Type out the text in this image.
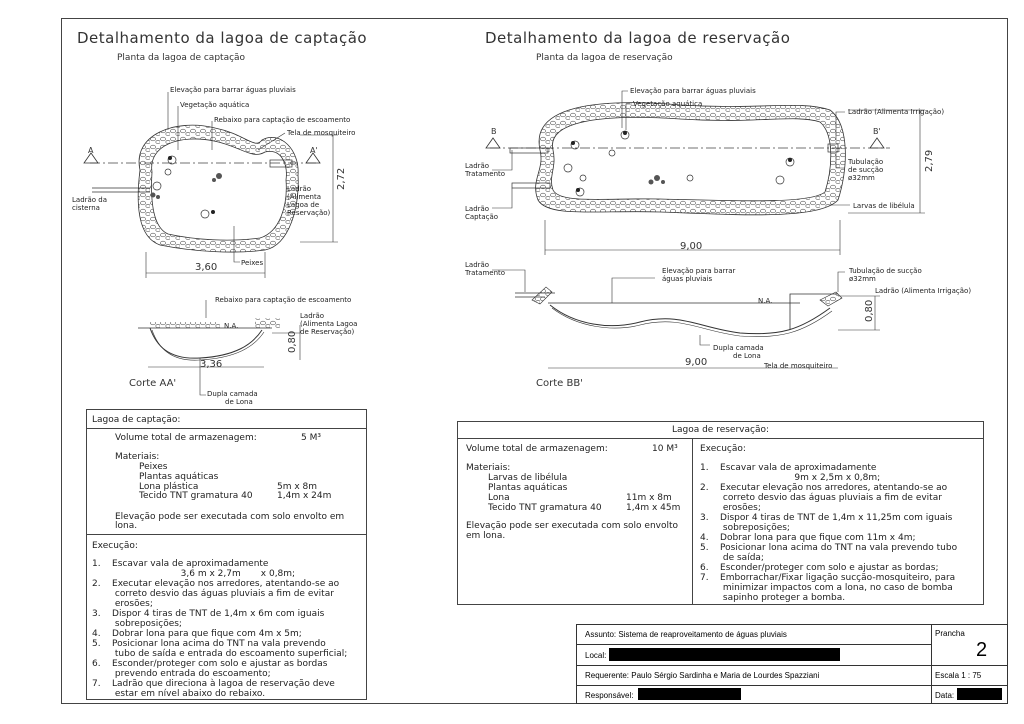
Detalhamento da lagoa de captação
Planta da lagoa de captação
Elevação para barrar águas pluviais
Vegetação aquática
Rebaixo para captação de escoamento
Tela de mosquiteiro
A	A'
Ladrão da
cisterna
Ladrão
(Alimenta
Lagoa de
Reservação)
Peixes
3,60
2,72
Rebaixo para captação de escoamento
Ladrão
(Alimenta Lagoa
de Reservação)
N.A.
3,36
0,80
Dupla camada
de Lona
Corte AA'
Lagoa de captação:
Volume total de armazenagem:	5 M³
Materiais:
Peixes
Plantas aquáticas
Lona plástica	5m x 8m
Tecido TNT gramatura 40	1,4m x 24m
Elevação pode ser executada com solo envolto em
lona.
Execução:
1.    Escavar vala de aproximadamente
3,6 m x 2,7m       x 0,8m;
2.    Executar elevação nos arredores, atentando-se ao
correto desvio das águas pluviais a fim de evitar
erosões;
3.    Dispor 4 tiras de TNT de 1,4m x 6m com iguais
sobreposições;
4.    Dobrar lona para que fique com 4m x 5m;
5.    Posicionar lona acima do TNT na vala prevendo
tubo de saída e entrada do escoamento superficial;
6.    Esconder/proteger com solo e ajustar as bordas
prevendo entrada do escoamento;
7.    Ladrão que direciona à lagoa de reservação deve
estar em nível abaixo do rebaixo.
Detalhamento da lagoa de reservação
Planta da lagoa de reservação
Elevação para barrar águas pluviais
Vegetação aquática
Ladrão (Alimenta Irrigação)
B	B'
Ladrão
Tratamento
Ladrão
Captação
Tubulação
de sucção
ø32mm
Larvas de libélula
9,00
2,79
Ladrão
Tratamento	Elevação para barrar
águas pluviais
Tubulação de sucção
ø32mm
Ladrão (Alimenta Irrigação)
N.A.	0,80
Dupla camada
de Lona
9,00	Tela de mosquiteiro
Corte BB'
Lagoa de reservação:
Volume total de armazenagem:	10 M³
Materiais:
Larvas de libélula
Plantas aquáticas
Lona	11m x 8m
Tecido TNT gramatura 40	1,4m x 45m
Elevação pode ser executada com solo envolto
em lona.
Execução:
1.    Escavar vala de aproximadamente
9m x 2,5m x 0,8m;
2.    Executar elevação nos arredores, atentando-se ao
correto desvio das águas pluviais a fim de evitar
erosões;
3.    Dispor 4 tiras de TNT de 1,4m x 11,25m com iguais
sobreposições;
4.    Dobrar lona para que fique com 11m x 4m;
5.    Posicionar lona acima do TNT na vala prevendo tubo
de saída;
6.    Esconder/proteger com solo e ajustar as bordas;
7.    Emborrachar/Fixar ligação sucção-mosquiteiro, para
minimizar impactos com a lona, no caso de bomba
sapinho proteger a bomba.
Assunto: Sistema de reaproveitamento de águas pluviais
Local:
Requerente: Paulo Sérgio Sardinha e Maria de Lourdes Spazziani
Responsável:
Prancha
2
Escala 1 : 75
Data:
